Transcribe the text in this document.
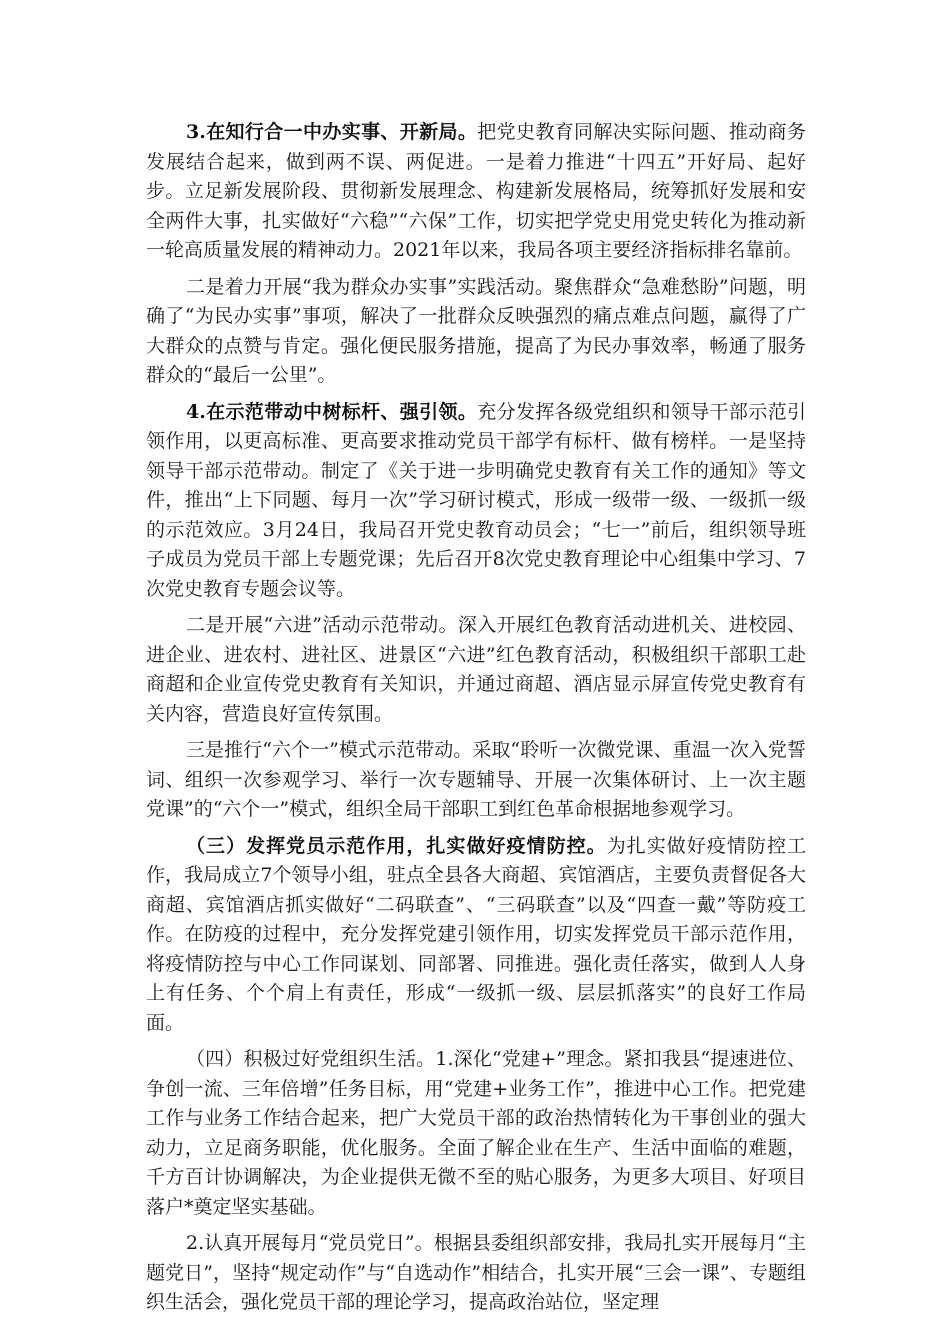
3.在知行合一中办实事、开新局。把党史教育同解决实际问题、推动商务发展结合起来，做到两不误、两促进。一是着力推进“十四五”开好局、起好步。立足新发展阶段、贯彻新发展理念、构建新发展格局，统筹抓好发展和安全两件大事，扎实做好“六稳”“六保”工作，切实把学党史用党史转化为推动新一轮高质量发展的精神动力。2021年以来，我局各项主要经济指标排名靠前。

二是着力开展“我为群众办实事”实践活动。聚焦群众“急难愁盼”问题，明确了“为民办实事”事项，解决了一批群众反映强烈的痛点难点问题，赢得了广大群众的点赞与肯定。强化便民服务措施，提高了为民办事效率，畅通了服务群众的“最后一公里”。

4.在示范带动中树标杆、强引领。充分发挥各级党组织和领导干部示范引领作用，以更高标准、更高要求推动党员干部学有标杆、做有榜样。一是坚持领导干部示范带动。制定了《关于进一步明确党史教育有关工作的通知》等文件，推出“上下同题、每月一次”学习研讨模式，形成一级带一级、一级抓一级的示范效应。3月24日，我局召开党史教育动员会；“七一”前后，组织领导班子成员为党员干部上专题党课；先后召开8次党史教育理论中心组集中学习、7次党史教育专题会议等。

二是开展“六进”活动示范带动。深入开展红色教育活动进机关、进校园、进企业、进农村、进社区、进景区“六进”红色教育活动，积极组织干部职工赴商超和企业宣传党史教育有关知识，并通过商超、酒店显示屏宣传党史教育有关内容，营造良好宣传氛围。

三是推行“六个一”模式示范带动。采取“聆听一次微党课、重温一次入党誓词、组织一次参观学习、举行一次专题辅导、开展一次集体研讨、上一次主题党课”的“六个一”模式，组织全局干部职工到红色革命根据地参观学习。

（三）发挥党员示范作用，扎实做好疫情防控。为扎实做好疫情防控工作，我局成立7个领导小组，驻点全县各大商超、宾馆酒店，主要负责督促各大商超、宾馆酒店抓实做好“二码联查”、“三码联查”以及“四查一戴”等防疫工作。在防疫的过程中，充分发挥党建引领作用，切实发挥党员干部示范作用，将疫情防控与中心工作同谋划、同部署、同推进。强化责任落实，做到人人身上有任务、个个肩上有责任，形成“一级抓一级、层层抓落实”的良好工作局面。

（四）积极过好党组织生活。1.深化“党建+”理念。紧扣我县“提速进位、争创一流、三年倍增”任务目标，用“党建+业务工作”，推进中心工作。把党建工作与业务工作结合起来，把广大党员干部的政治热情转化为干事创业的强大动力，立足商务职能，优化服务。全面了解企业在生产、生活中面临的难题，千方百计协调解决，为企业提供无微不至的贴心服务，为更多大项目、好项目落户*奠定坚实基础。

2.认真开展每月“党员党日”。根据县委组织部安排，我局扎实开展每月“主题党日”，坚持“规定动作”与“自选动作”相结合，扎实开展“三会一课”、专题组织生活会，强化党员干部的理论学习，提高政治站位，坚定理
